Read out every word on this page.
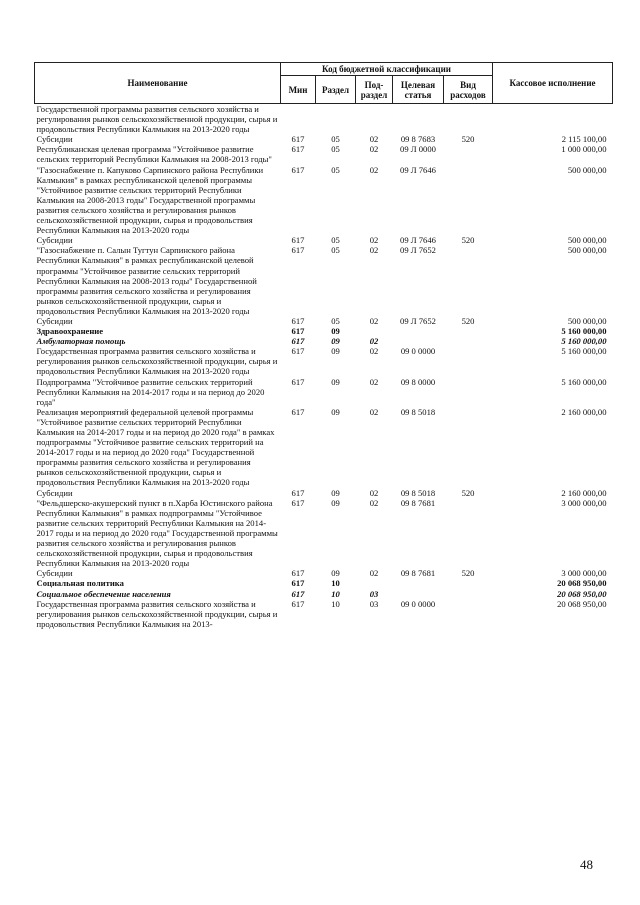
Наименование	Код бюджетной классификации					Кассовое исполнение
	Мин	Раздел	Под-раздел	Целевая статья	Вид расходов	
Государственной программы развития сельского хозяйства и регулирования рынков сельскохозяйственной продукции, сырья и продовольствия Республики Калмыкия на 2013-2020 годы						
Субсидии	617	05	02	09 8 7683	520	2 115 100,00
Республиканская целевая программа "Устойчивое развитие сельских территорий Республики Калмыкия на 2008-2013 годы"	617	05	02	09 Л 0000		1 000 000,00
"Газоснабжение п. Капуково Сарпинского района Республики Калмыкия" в рамках республиканской целевой программы "Устойчивое развитие сельских территорий Республики Калмыкия на 2008-2013 годы" Государственной программы развития сельского хозяйства и регулирования рынков сельскохозяйственной продукции, сырья и продовольствия Республики Калмыкия на 2013-2020 годы	617	05	02	09 Л 7646		500 000,00
Субсидии	617	05	02	09 Л 7646	520	500 000,00
"Газоснабжение п. Салын Тугтун Сарпинского района Республики Калмыкия" в рамках республиканской целевой программы "Устойчивое развитие сельских территорий Республики Калмыкия на 2008-2013 годы" Государственной программы развития сельского хозяйства и регулирования рынков сельскохозяйственной продукции, сырья и продовольствия Республики Калмыкия на 2013-2020 годы	617	05	02	09 Л 7652		500 000,00
Субсидии	617	05	02	09 Л 7652	520	500 000,00
Здравоохранение	617	09				5 160 000,00
Амбулаторная помощь	617	09	02			5 160 000,00
Государственная программа развития сельского хозяйства и регулирования рынков сельскохозяйственной продукции, сырья и продовольствия Республики Калмыкия на 2013-2020 годы	617	09	02	09 0 0000		5 160 000,00
Подпрограмма "Устойчивое развитие сельских территорий Республики Калмыкия на 2014-2017 годы и на период до 2020 года"	617	09	02	09 8 0000		5 160 000,00
Реализация мероприятий федеральной целевой программы "Устойчивое развитие сельских территорий Республики Калмыкия на 2014-2017 годы и на период до 2020 года" в рамках подпрограммы "Устойчивое развитие сельских территорий на 2014-2017 годы и на период до 2020 года" Государственной программы развития сельского хозяйства и регулирования рынков сельскохозяйственной продукции, сырья и продовольствия Республики Калмыкия на 2013-2020 годы	617	09	02	09 8 5018		2 160 000,00
Субсидии	617	09	02	09 8 5018	520	2 160 000,00
"Фельдшерско-акушерский пункт в п.Харба Юстинского района Республики Калмыкия" в рамках подпрограммы "Устойчивое развитие сельских территорий Республики Калмыкия на 2014-2017 годы и на период до 2020 года" Государственной программы развития сельского хозяйства и регулирования рынков сельскохозяйственной продукции, сырья и продовольствия Республики Калмыкия на 2013-2020 годы	617	09	02	09 8 7681		3 000 000,00
Субсидии	617	09	02	09 8 7681	520	3 000 000,00
Социальная политика	617	10				20 068 950,00
Социальное обеспечение населения	617	10	03			20 068 950,00
Государственная программа развития сельского хозяйства и регулирования рынков сельскохозяйственной продукции, сырья и продовольствия Республики Калмыкия на 2013-	617	10	03	09 0 0000		20 068 950,00
48
